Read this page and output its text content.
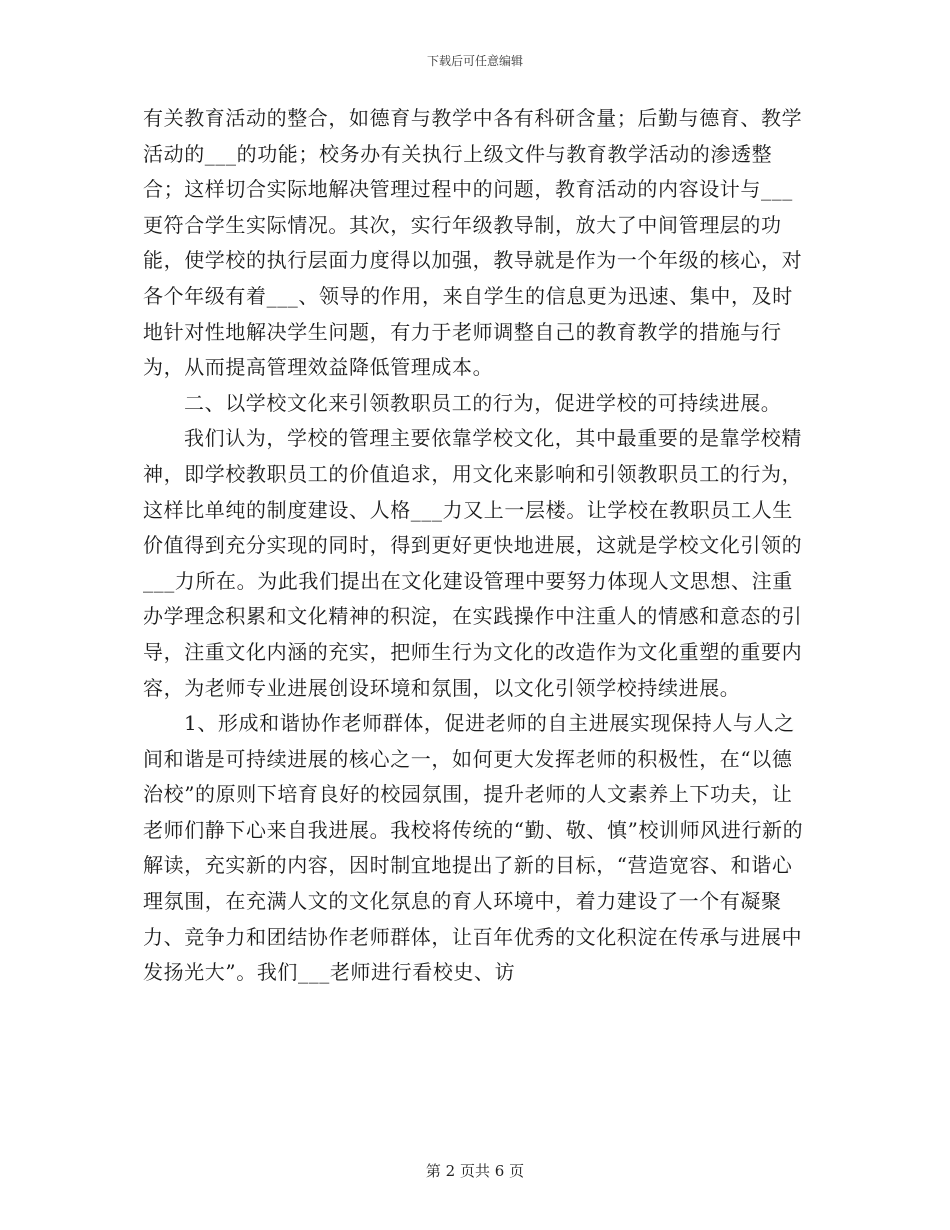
下载后可任意编辑

有关教育活动的整合，如德育与教学中各有科研含量；后勤与德育、教学活动的___的功能；校务办有关执行上级文件与教育教学活动的渗透整合；这样切合实际地解决管理过程中的问题，教育活动的内容设计与___更符合学生实际情况。其次，实行年级教导制，放大了中间管理层的功能，使学校的执行层面力度得以加强，教导就是作为一个年级的核心，对各个年级有着___、领导的作用，来自学生的信息更为迅速、集中，及时地针对性地解决学生问题，有力于老师调整自己的教育教学的措施与行为，从而提高管理效益降低管理成本。

二、以学校文化来引领教职员工的行为，促进学校的可持续进展。

我们认为，学校的管理主要依靠学校文化，其中最重要的是靠学校精神，即学校教职员工的价值追求，用文化来影响和引领教职员工的行为，这样比单纯的制度建设、人格___力又上一层楼。让学校在教职员工人生价值得到充分实现的同时，得到更好更快地进展，这就是学校文化引领的___力所在。为此我们提出在文化建设管理中要努力体现人文思想、注重办学理念积累和文化精神的积淀，在实践操作中注重人的情感和意态的引导，注重文化内涵的充实，把师生行为文化的改造作为文化重塑的重要内容，为老师专业进展创设环境和氛围，以文化引领学校持续进展。

1、形成和谐协作老师群体，促进老师的自主进展实现保持人与人之间和谐是可持续进展的核心之一，如何更大发挥老师的积极性，在“以德治校”的原则下培育良好的校园氛围，提升老师的人文素养上下功夫，让老师们静下心来自我进展。我校将传统的“勤、敬、慎”校训师风进行新的解读，充实新的内容，因时制宜地提出了新的目标，“营造宽容、和谐心理氛围，在充满人文的文化氛息的育人环境中，着力建设了一个有凝聚力、竞争力和团结协作老师群体，让百年优秀的文化积淀在传承与进展中发扬光大”。我们___老师进行看校史、访

第 2 页共 6 页
